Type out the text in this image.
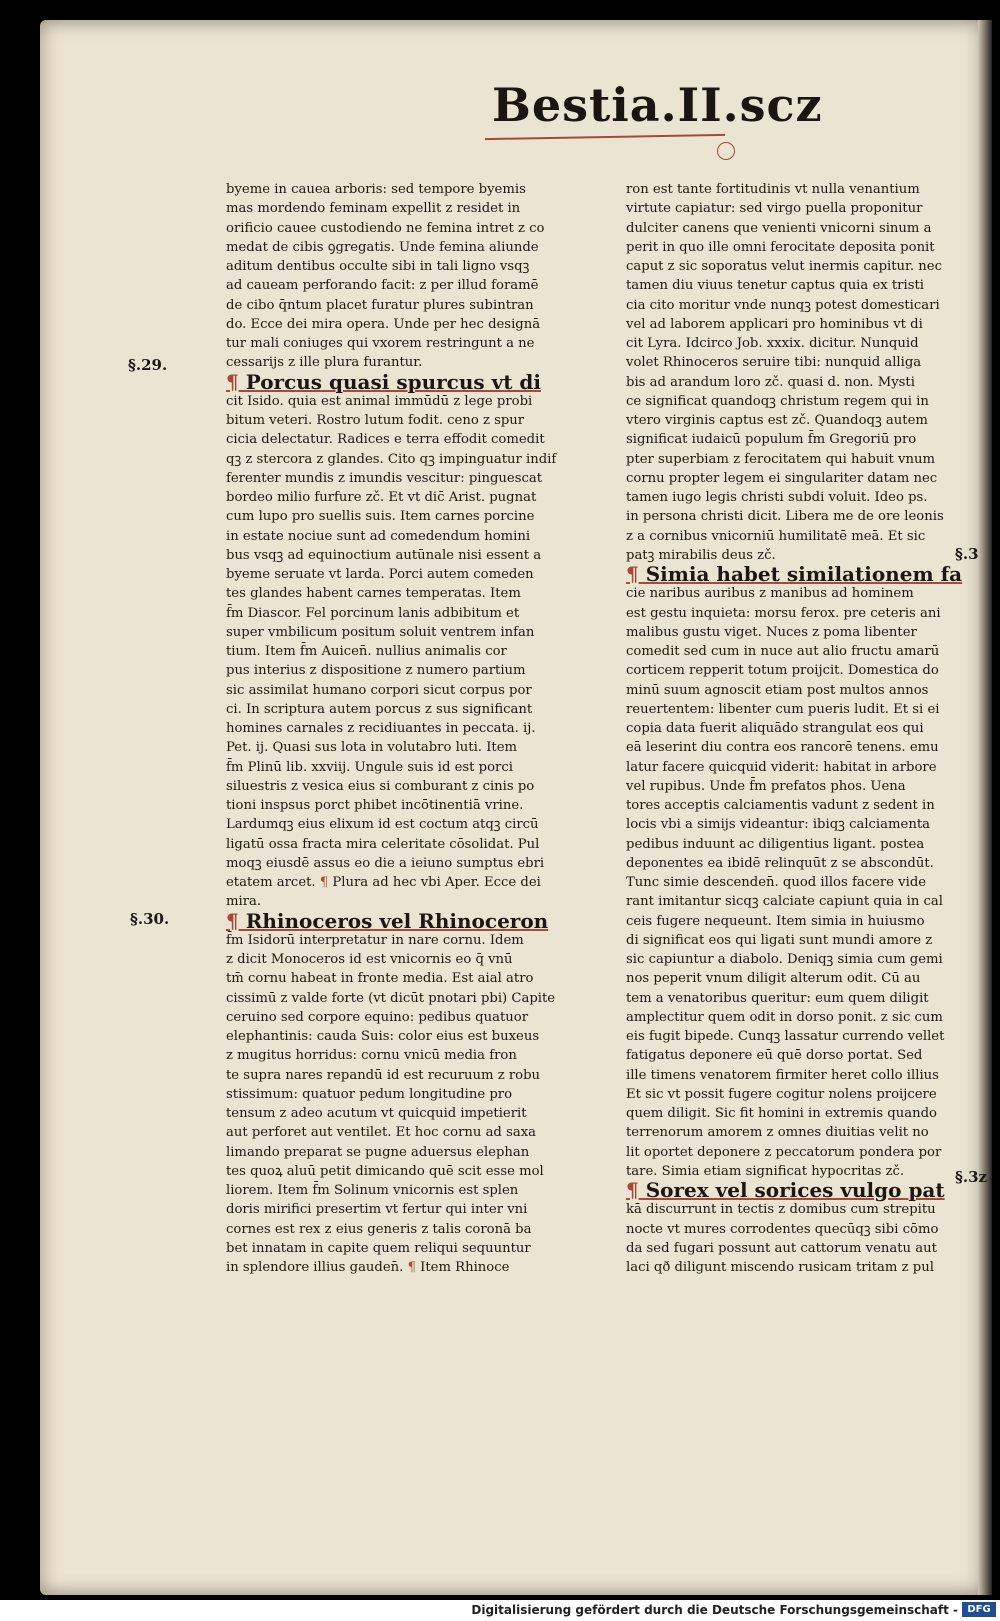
Bestia.II.scz
byeme in cauea arboris: sed tempore byemis
mas mordendo feminam expellit z residet in
orificio cauee custodiendo ne femina intret z co
medat de cibis ꝯgregatis. Unde femina aliunde
aditum dentibus occulte sibi in tali ligno vsqꝫ
ad caueam perforando facit: z per illud foramē
de cibo q̄ntum placet furatur plures subintran
do. Ecce dei mira opera. Unde per hec designā
tur mali coniuges qui vxorem restringunt a ne
cessarijs z ille plura furantur.
¶ Porcus quasi spurcus vt di
cit Isido. quia est animal immūdū z lege probi
bitum veteri. Rostro lutum fodit. ceno z spur
cicia delectatur. Radices e terra effodit comedit
qꝫ z stercora z glandes. Cito qꝫ impinguatur indif
ferenter mundis z imundis vescitur: pinguescat
bordeo milio furfure zč. Et vt dic̄ Arist. pugnat
cum lupo pro suellis suis. Item carnes porcine
in estate nociue sunt ad comedendum homini
bus vsqꝫ ad equinoctium autūnale nisi essent a
byeme seruate vt larda. Porci autem comeden
tes glandes habent carnes temperatas. Item
f̄m Diascor. Fel porcinum lanis adbibitum et
super vmbilicum positum soluit ventrem infan
tium. Item f̄m Auicen̄. nullius animalis cor
pus interius z dispositione z numero partium
sic assimilat humano corpori sicut corpus por
ci. In scriptura autem porcus z sus significant
homines carnales z recidiuantes in peccata. ij.
Pet. ij. Quasi sus lota in volutabro luti. Item
f̄m Plinū lib. xxviij. Ungule suis id est porci
siluestris z vesica eius si comburant z cinis po
tioni inspsus porct phibet incōtinentiā vrine.
Lardumqꝫ eius elixum id est coctum atqꝫ circū
ligatū ossa fracta mira celeritate cōsolidat. Pul
moqꝫ eiusdē assus eo die a ieiuno sumptus ebri
etatem arcet. ¶ Plura ad hec vbi Aper. Ecce dei
mira.
¶ Rhinoceros vel Rhinoceron
f̄m Isidorū interpretatur in nare cornu. Idem
z dicit Monoceros id est vnicornis eo q̄ vnū
tm̄ cornu habeat in fronte media. Est aial atro
cissimū z valde forte (vt dicūt pnotari pbi) Capite
ceruino sed corpore equino: pedibus quatuor
elephantinis: cauda Suis: color eius est buxeus
z mugitus horridus: cornu vnicū media fron
te supra nares repandū id est recuruum z robu
stissimum: quatuor pedum longitudine pro
tensum z adeo acutum vt quicquid impetierit
aut perforet aut ventilet. Et hoc cornu ad saxa
limando preparat se pugne aduersus elephan
tes quoꝝ aluū petit dimicando quē scit esse mol
liorem. Item f̄m Solinum vnicornis est splen
doris mirifici presertim vt fertur qui inter vni
cornes est rex z eius generis z talis coronā ba
bet innatam in capite quem reliqui sequuntur
in splendore illius gauden̄. ¶ Item Rhinoce
ron est tante fortitudinis vt nulla venantium
virtute capiatur: sed virgo puella proponitur
dulciter canens que venienti vnicorni sinum a
perit in quo ille omni ferocitate deposita ponit
caput z sic soporatus velut inermis capitur. nec
tamen diu viuus tenetur captus quia ex tristi
cia cito moritur vnde nunqꝫ potest domesticari
vel ad laborem applicari pro hominibus vt di
cit Lyra. Idcirco Job. xxxix. dicitur. Nunquid
volet Rhinoceros seruire tibi: nunquid alliga
bis ad arandum loro zč. quasi d. non. Mysti
ce significat quandoqꝫ christum regem qui in
vtero virginis captus est zč. Quandoqꝫ autem
significat iudaicū populum f̄m Gregoriū pro
pter superbiam z ferocitatem qui habuit vnum
cornu propter legem ei singulariter datam nec
tamen iugo legis christi subdi voluit. Ideo ps.
in persona christi dicit. Libera me de ore leonis
z a cornibus vnicorniū humilitatē meā. Et sic
patꝫ mirabilis deus zč.
¶ Simia habet similationem fa
cie naribus auribus z manibus ad hominem
est gestu inquieta: morsu ferox. pre ceteris ani
malibus gustu viget. Nuces z poma libenter
comedit sed cum in nuce aut alio fructu amarū
corticem repperit totum proijcit. Domestica do
minū suum agnoscit etiam post multos annos
reuertentem: libenter cum pueris ludit. Et si ei
copia data fuerit aliquādo strangulat eos qui
eā leserint diu contra eos rancorē tenens. emu
latur facere quicquid viderit: habitat in arbore
vel rupibus. Unde f̄m prefatos phos. Uena
tores acceptis calciamentis vadunt z sedent in
locis vbi a simijs videantur: ibiqꝫ calciamenta
pedibus induunt ac diligentius ligant. postea
deponentes ea ibidē relinquūt z se abscondūt.
Tunc simie descenden̄. quod illos facere vide
rant imitantur sicqꝫ calciate capiunt quia in cal
ceis fugere nequeunt. Item simia in huiusmo
di significat eos qui ligati sunt mundi amore z
sic capiuntur a diabolo. Deniqꝫ simia cum gemi
nos peperit vnum diligit alterum odit. Cū au
tem a venatoribus queritur: eum quem diligit
amplectitur quem odit in dorso ponit. z sic cum
eis fugit bipede. Cunqꝫ lassatur currendo vellet
fatigatus deponere eū quē dorso portat. Sed
ille timens venatorem firmiter heret collo illius
Et sic vt possit fugere cogitur nolens proijcere
quem diligit. Sic fit homini in extremis quando
terrenorum amorem z omnes diuitias velit no
lit oportet deponere z peccatorum pondera por
tare. Simia etiam significat hypocritas zč.
¶ Sorex vel sorices vulgo pat
kā discurrunt in tectis z domibus cum strepitu
nocte vt mures corrodentes quecūqꝫ sibi cōmo
da sed fugari possunt aut cattorum venatu aut
laci qð diligunt miscendo rusicam tritam z pul
§.29.
§.30.
§.3
§.3z
Digitalisierung gefördert durch die Deutsche Forschungsgemeinschaft - DFG
